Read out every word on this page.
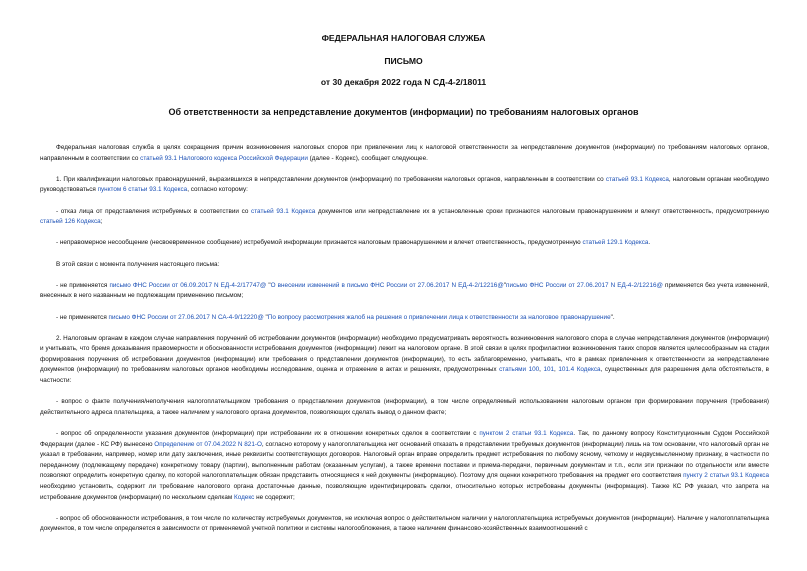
ФЕДЕРАЛЬНАЯ НАЛОГОВАЯ СЛУЖБА
ПИСЬМО
от 30 декабря 2022 года N СД-4-2/18011
Об ответственности за непредставление документов (информации) по требованиям налоговых органов

Федеральная налоговая служба в целях сокращения причин возникновения налоговых споров при привлечении лиц к налоговой ответственности за непредставление документов (информации) по требованиям налоговых органов, направленным в соответствии со статьей 93.1 Налогового кодекса Российской Федерации (далее - Кодекс), сообщает следующее.

1. При квалификации налоговых правонарушений, выразившихся в непредставлении документов (информации) по требованиям налоговых органов, направленным в соответствии со статьей 93.1 Кодекса, налоговым органам необходимо руководствоваться пунктом 6 статьи 93.1 Кодекса, согласно которому:

- отказ лица от представления истребуемых в соответствии со статьей 93.1 Кодекса документов или непредставление их в установленные сроки признаются налоговым правонарушением и влекут ответственность, предусмотренную статьей 126 Кодекса;

- неправомерное несообщение (несвоевременное сообщение) истребуемой информации признается налоговым правонарушением и влечет ответственность, предусмотренную статьей 129.1 Кодекса.

В этой связи с момента получения настоящего письма:

- не применяется письмо ФНС России от 06.09.2017 N ЕД-4-2/17747@ "О внесении изменений в письмо ФНС России от 27.06.2017 N ЕД-4-2/12216@"письмо ФНС России от 27.06.2017 N ЕД-4-2/12216@ применяется без учета изменений, внесенных в него названным не подлежащим применению письмом;

- не применяется письмо ФНС России от 27.06.2017 N СА-4-9/12220@ "По вопросу рассмотрения жалоб на решения о привлечении лица к ответственности за налоговое правонарушение".

2. Налоговым органам в каждом случае направления поручений об истребовании документов (информации) необходимо предусматривать вероятность возникновения налогового спора в случае непредставления документов (информации) и учитывать, что бремя доказывания правомерности и обоснованности истребования документов (информации) лежит на налоговом органе. В этой связи в целях профилактики возникновения таких споров является целесообразным на стадии формирования поручения об истребовании документов (информации) или требования о представлении документов (информации), то есть заблаговременно, учитывать, что в рамках привлечения к ответственности за непредставление документов (информации) по требованиям налоговых органов необходимы исследование, оценка и отражение в актах и решениях, предусмотренных статьями 100, 101, 101.4 Кодекса, существенных для разрешения дела обстоятельств, в частности:

- вопрос о факте получения/неполучения налогоплательщиком требования о представлении документов (информации), в том числе определяемый использованием налоговым органом при формировании поручения (требования) действительного адреса плательщика, а также наличием у налогового органа документов, позволяющих сделать вывод о данном факте;

- вопрос об определенности указания документов (информации) при истребовании их в отношении конкретных сделок в соответствии с пунктом 2 статьи 93.1 Кодекса. Так, по данному вопросу Конституционным Судом Российской Федерации (далее - КС РФ) вынесено Определение от 07.04.2022 N 821-О, согласно которому у налогоплательщика нет оснований отказать в представлении требуемых документов (информации) лишь на том основании, что налоговый орган не указал в требовании, например, номер или дату заключения, иные реквизиты соответствующих договоров. Налоговый орган вправе определить предмет истребования по любому ясному, четкому и недвусмысленному признаку, в частности по переданному (подлежащему передаче) конкретному товару (партии), выполненным работам (оказанным услугам), а также времени поставки и приема-передачи, первичным документам и т.п., если эти признаки по отдельности или вместе позволяют определить конкретную сделку, по которой налогоплательщик обязан представить относящиеся к ней документы (информацию). Поэтому для оценки конкретного требования на предмет его соответствия пункту 2 статьи 93.1 Кодекса необходимо установить, содержит ли требование налогового органа достаточные данные, позволяющие идентифицировать сделки, относительно которых истребованы документы (информация). Также КС РФ указал, что запрета на истребование документов (информации) по нескольким сделкам Кодекс не содержит;

- вопрос об обоснованности истребования, в том числе по количеству истребуемых документов, не исключая вопрос о действительном наличии у налогоплательщика истребуемых документов (информации). Наличие у налогоплательщика документов, в том числе определяется в зависимости от применяемой учетной политики и системы налогообложения, а также наличием финансово-хозяйственных взаимоотношений с
